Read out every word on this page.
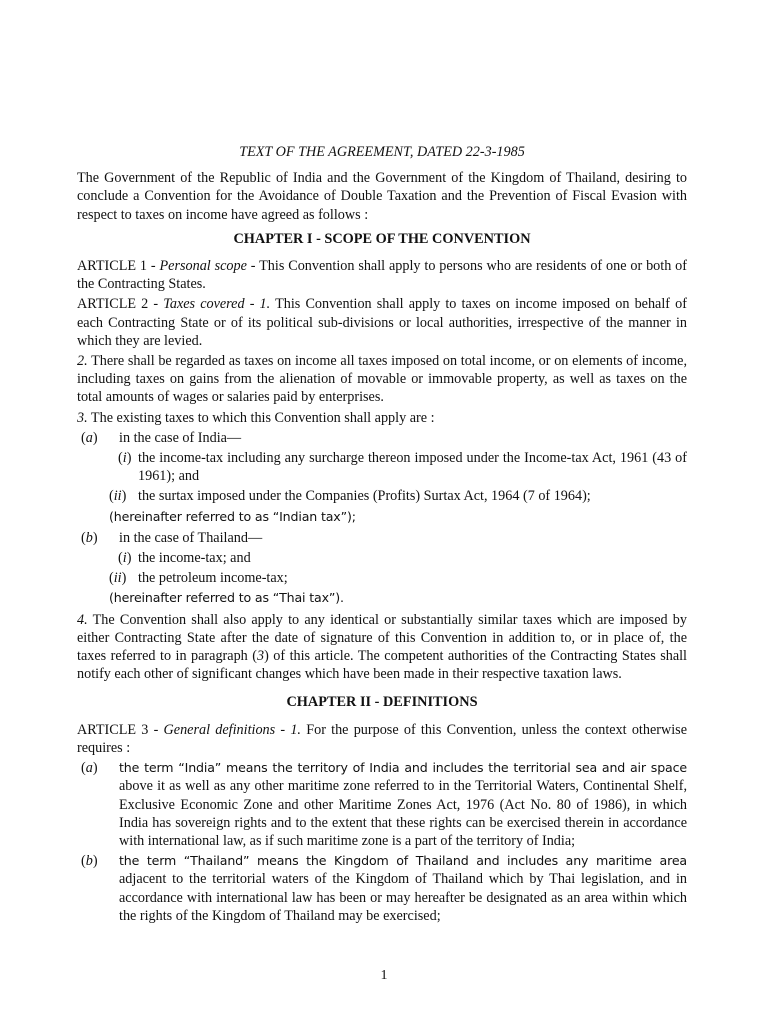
TEXT OF THE AGREEMENT, DATED 22-3-1985

The Government of the Republic of India and the Government of the Kingdom of Thailand, desiring to conclude a Convention for the Avoidance of Double Taxation and the Prevention of Fiscal Evasion with respect to taxes on income have agreed as follows :

CHAPTER I - SCOPE OF THE CONVENTION

ARTICLE 1 - Personal scope - This Convention shall apply to persons who are residents of one or both of the Contracting States.

ARTICLE 2 - Taxes covered - 1. This Convention shall apply to taxes on income imposed on behalf of each Contracting State or of its political sub-divisions or local authorities, irrespective of the manner in which they are levied.

2. There shall be regarded as taxes on income all taxes imposed on total income, or on elements of income, including taxes on gains from the alienation of movable or immovable property, as well as taxes on the total amounts of wages or salaries paid by enterprises.

3. The existing taxes to which this Convention shall apply are :

(a)	in the case of India—
(i) the income-tax including any surcharge thereon imposed under the Income-tax Act, 1961 (43 of 1961); and
(ii) the surtax imposed under the Companies (Profits) Surtax Act, 1964 (7 of 1964);
(hereinafter referred to as “Indian tax”);
(b)	in the case of Thailand—
(i) the income-tax; and
(ii) the petroleum income-tax;
(hereinafter referred to as “Thai tax”).

4. The Convention shall also apply to any identical or substantially similar taxes which are imposed by either Contracting State after the date of signature of this Convention in addition to, or in place of, the taxes referred to in paragraph (3) of this article. The competent authorities of the Contracting States shall notify each other of significant changes which have been made in their respective taxation laws.

CHAPTER II - DEFINITIONS

ARTICLE 3 - General definitions - 1. For the purpose of this Convention, unless the context otherwise requires :

(a)	the term “India” means the territory of India and includes the territorial sea and air space above it as well as any other maritime zone referred to in the Territorial Waters, Continental Shelf, Exclusive Economic Zone and other Maritime Zones Act, 1976 (Act No. 80 of 1986), in which India has sovereign rights and to the extent that these rights can be exercised therein in accordance with international law, as if such maritime zone is a part of the territory of India;
(b)	the term “Thailand” means the Kingdom of Thailand and includes any maritime area adjacent to the territorial waters of the Kingdom of Thailand which by Thai legislation, and in accordance with international law has been or may hereafter be designated as an area within which the rights of the Kingdom of Thailand may be exercised;
1
